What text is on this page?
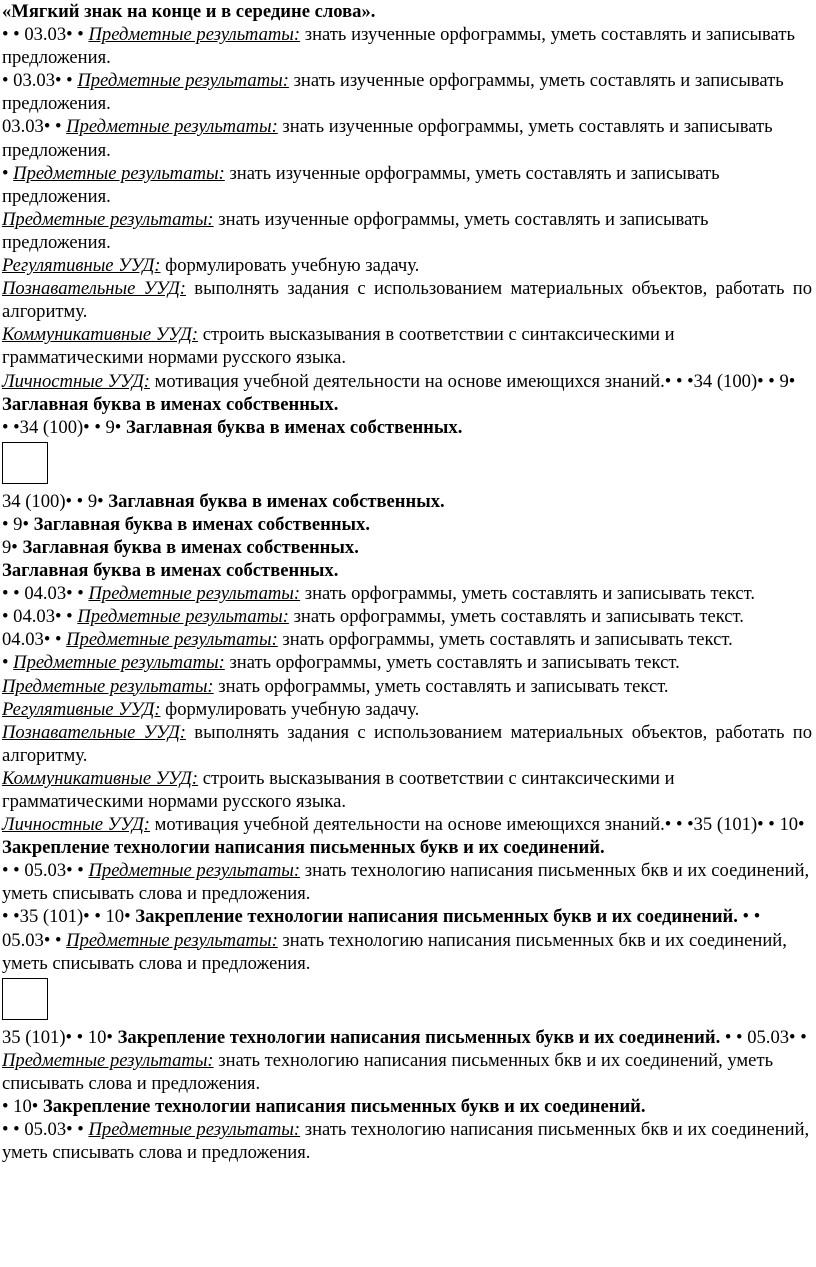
«Мягкий знак на конце и в середине слова».

• • 03.03• • Предметные результаты: знать изученные орфограммы, уметь составлять и записывать предложения.

• 03.03• • Предметные результаты: знать изученные орфограммы, уметь составлять и записывать предложения.

03.03• • Предметные результаты: знать изученные орфограммы, уметь составлять и записывать предложения.

• Предметные результаты: знать изученные орфограммы, уметь составлять и записывать предложения.

Предметные результаты: знать изученные орфограммы, уметь составлять и записывать предложения.

Регулятивные УУД: формулировать учебную задачу.

Познавательные УУД: выполнять задания с использованием материальных объектов, работать по алгоритму.

Коммуникативные УУД: строить высказывания в соответствии с синтаксическими и грамматическими нормами русского языка.

Личностные УУД: мотивация учебной деятельности на основе имеющихся знаний.• • •34 (100)• • 9• Заглавная буква в именах собственных.

• •34 (100)• • 9• Заглавная буква в именах собственных.

34 (100)• • 9• Заглавная буква в именах собственных.

• 9• Заглавная буква в именах собственных.

9• Заглавная буква в именах собственных.

Заглавная буква в именах собственных.

• • 04.03• • Предметные результаты: знать орфограммы, уметь составлять и записывать текст.

• 04.03• • Предметные результаты: знать орфограммы, уметь составлять и записывать текст.

04.03• • Предметные результаты: знать орфограммы, уметь составлять и записывать текст.

• Предметные результаты: знать орфограммы, уметь составлять и записывать текст.

Предметные результаты: знать орфограммы, уметь составлять и записывать текст.

Регулятивные УУД: формулировать учебную задачу.

Познавательные УУД: выполнять задания с использованием материальных объектов, работать по алгоритму.

Коммуникативные УУД: строить высказывания в соответствии с синтаксическими и грамматическими нормами русского языка.

Личностные УУД: мотивация учебной деятельности на основе имеющихся знаний.• • •35 (101)• • 10• Закрепление технологии написания письменных букв и их соединений.

• • 05.03• • Предметные результаты: знать технологию написания письменных бкв и их соединений, уметь списывать слова и предложения.

• •35 (101)• • 10• Закрепление технологии написания письменных букв и их соединений. • • 05.03• • Предметные результаты: знать технологию написания письменных бкв и их соединений, уметь списывать слова и предложения.

35 (101)• • 10• Закрепление технологии написания письменных букв и их соединений. • • 05.03• • Предметные результаты: знать технологию написания письменных бкв и их соединений, уметь списывать слова и предложения.

• 10• Закрепление технологии написания письменных букв и их соединений.

• • 05.03• • Предметные результаты: знать технологию написания письменных бкв и их соединений, уметь списывать слова и предложения.
